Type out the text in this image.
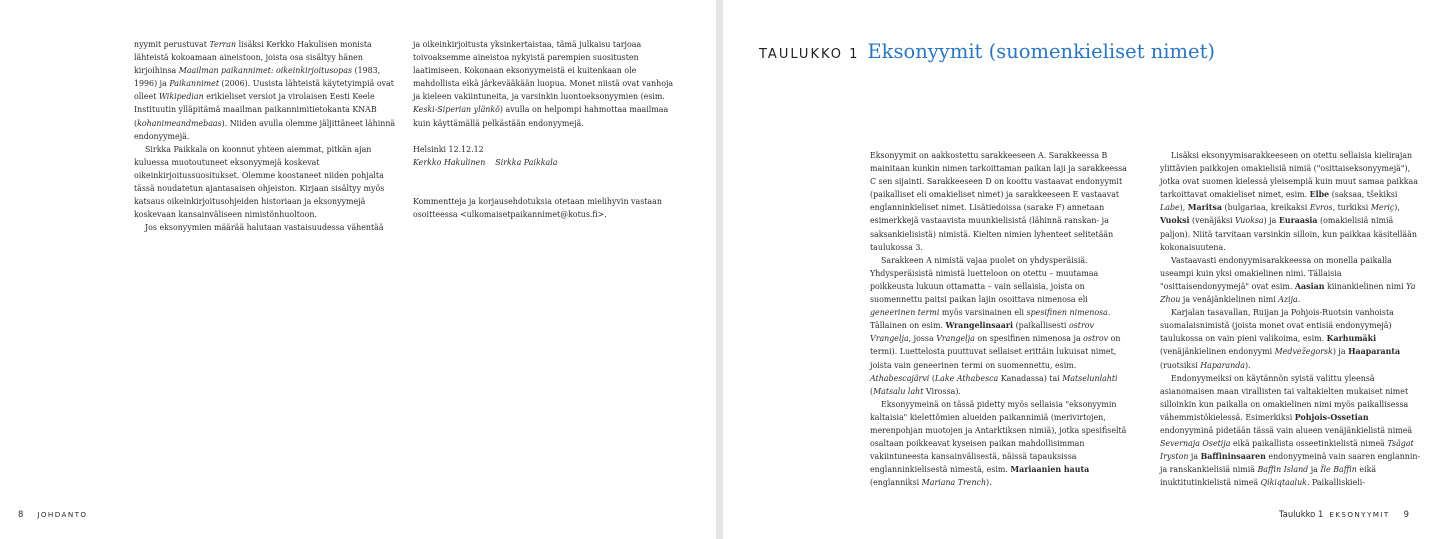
nyymit perustuvat Terran lisäksi Kerkko Hakulisen monista lähteistä kokoamaan aineistoon, joista osa sisältyy hänen kirjoihinsa Maailman paikannimet: oikeinkirjoitusopas (1983, 1996) ja Paikannimet (2006). Uusista lähteistä käytetyimpiä ovat olleet Wikipedian erikieliset versiot ja virolaisen Eesti Keele Instituutin ylläpitämä maailman paikannimitietokanta KNAB (kohanimeandmebaas). Niiden avulla olemme jäljittäneet lähinnä endonyymejä.

Sirkka Paikkala on koonnut yhteen aiemmat, pitkän ajan kuluessa muotoutuneet eksonyymejä koskevat oikeinkirjoitussuositukset. Olemme koostaneet niiden pohjalta tässä noudatetun ajantasaisen ohjeiston. Kirjaan sisältyy myös katsaus oikeinkirjoitusohjeiden historiaan ja eksonyymejä koskevaan kansainväliseen nimistönhuoltoon.

Jos eksonyymien määrää halutaan vastaisuudessa vähentää

ja oikeinkirjoitusta yksinkertaistaa, tämä julkaisu tarjoaa toivoaksemme aineistoa nykyistä parempien suositusten laatimiseen. Kokonaan eksonyymeistä ei kuitenkaan ole mahdollista eikä järkevääkään luopua. Monet niistä ovat vanhoja ja kieleen vakiintuneita, ja varsinkin luontoeksonyymien (esim. Keski-Siperian ylänkö) avulla on helpompi hahmottaa maailmaa kuin käyttämällä pelkästään endonyymejä.

Helsinki 12.12.12

Kerkko Hakulinen    Sirkka Paikkala

Kommentteja ja korjausehdotuksia otetaan mielihyvin vastaan osoitteessa <ulkomaisetpaikannimet@kotus.fi>.

8 JOHDANTO
TAULUKKO 1 Eksonyymit (suomenkieliset nimet)

Eksonyymit on aakkostettu sarakkeeseen A. Sarakkeessa B mainitaan kunkin nimen tarkoittaman paikan laji ja sarakkeessa C sen sijainti. Sarakkeeseen D on koottu vastaavat endonyymit (paikalliset eli omakieliset nimet) ja sarakkeeseen E vastaavat englanninkieliset nimet. Lisätiedoissa (sarake F) annetaan esimerkkejä vastaavista muunkielisistä (lähinnä ranskan- ja saksankielisistä) nimistä. Kielten nimien lyhenteet selitetään taulukossa 3.

Sarakkeen A nimistä vajaa puolet on yhdysperäisiä. Yhdysperäisistä nimistä luetteloon on otettu – muutamaa poikkeusta lukuun ottamatta – vain sellaisia, joista on suomennettu paitsi paikan lajin osoittava nimenosa eli geneerinen termi myös varsinainen eli spesifinen nimenosa. Tällainen on esim. Wrangelinsaari (paikallisesti ostrov Vrangelja, jossa Vrangelja on spesifinen nimenosa ja ostrov on termi). Luettelosta puuttuvat sellaiset erittäin lukuisat nimet, joista vain geneerinen termi on suomennettu, esim. Athabescajärvi (Lake Athabesca Kanadassa) tai Matselunlahti (Matsalu laht Virossa).

Eksonyymeinä on tässä pidetty myös sellaisia "eksonyymin kaltaisia" kielettömien alueiden paikannimiä (merivirtojen, merenpohjan muotojen ja Antarktiksen nimiä), jotka spesifiseltä osaltaan poikkeavat kyseisen paikan mahdollisimman vakiintuneesta kansainvälisestä, näissä tapauksissa englanninkielisestä nimestä, esim. Mariaanien hauta (englanniksi Mariana Trench).

Lisäksi eksonyymisarakkeeseen on otettu sellaisia kielirajan ylittävien paikkojen omakielisiä nimiä ("osittaiseksonyymejä"), jotka ovat suomen kielessä yleisempiä kuin muut samaa paikkaa tarkoittavat omakieliset nimet, esim. Elbe (saksaa, tšekiksi Labe), Maritsa (bulgariaa, kreikaksi Evros, turkiksi Meriç), Vuoksi (venäjäksi Vuoksa) ja Euraasia (omakielisiä nimiä paljon). Niitä tarvitaan varsinkin silloin, kun paikkaa käsitellään kokonaisuutena.

Vastaavasti endonyymisarakkeessa on monella paikalla useampi kuin yksi omakielinen nimi. Tällaisia "osittaisendonyymejä" ovat esim. Aasian kiinankielinen nimi Ya Zhou ja venäjänkielinen nimi Azija.

Karjalan tasavallan, Ruijan ja Pohjois-Ruotsin vanhoista suomalaisnimistä (joista monet ovat entisiä endonyymejä) taulukossa on vain pieni valikoima, esim. Karhumäki (venäjänkielinen endonyymi Medvežegorsk) ja Haaparanta (ruotsiksi Haparanda).

Endonyymeiksi on käytännön syistä valittu yleensä asianomaisen maan virallisten tai valtakielten mukaiset nimet silloinkin kun paikalla on omakielinen nimi myös paikallisessa vähemmistökielessä. Esimerkiksi Pohjois-Ossetian endonyyminä pidetään tässä vain alueen venäjänkielistä nimeä Severnaja Osetija eikä paikallista osseetinkielistä nimeä Tsägat Iryston ja Baffininsaaren endonyymeinä vain saaren englannin- ja ranskankielisiä nimiä Baffin Island ja Île Baffin eikä inuktitutinkielistä nimeä Qikiqtaaluk. Paikalliskieli-

Taulukko 1 EKSONYYMIT 9
